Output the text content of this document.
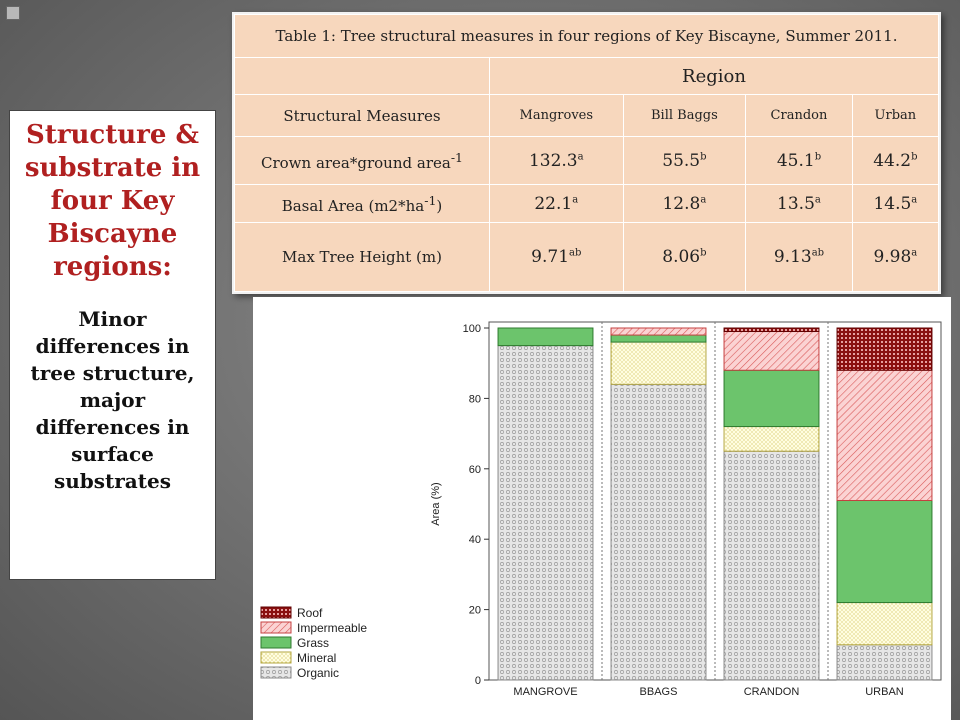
Structure & substrate in four Key Biscayne regions:
Minor differences in tree structure, major differences in surface substrates
Table 1: Tree structural measures in four regions of Key Biscayne, Summer 2011.				
	Region			
Structural Measures	Mangroves	Bill Baggs	Crandon	Urban
Crown area*ground area$^{-1}$	132.3$^a$	55.5$^b$	45.1$^b$	44.2$^b$
Basal Area $(m2*ha^{-1})$	22.1$^a$	12.8$^a$	13.5$^a$	14.5$^a$
Max Tree Height (m)	9.71$^{ab}$	8.06$^b$	9.13$^{ab}$	9.98$^a$
0
20
40
60
80
100
Area (%)
MANGROVE	BBAGS	CRANDON	URBAN
Roof
Impermeable
Grass
Mineral
Organic
